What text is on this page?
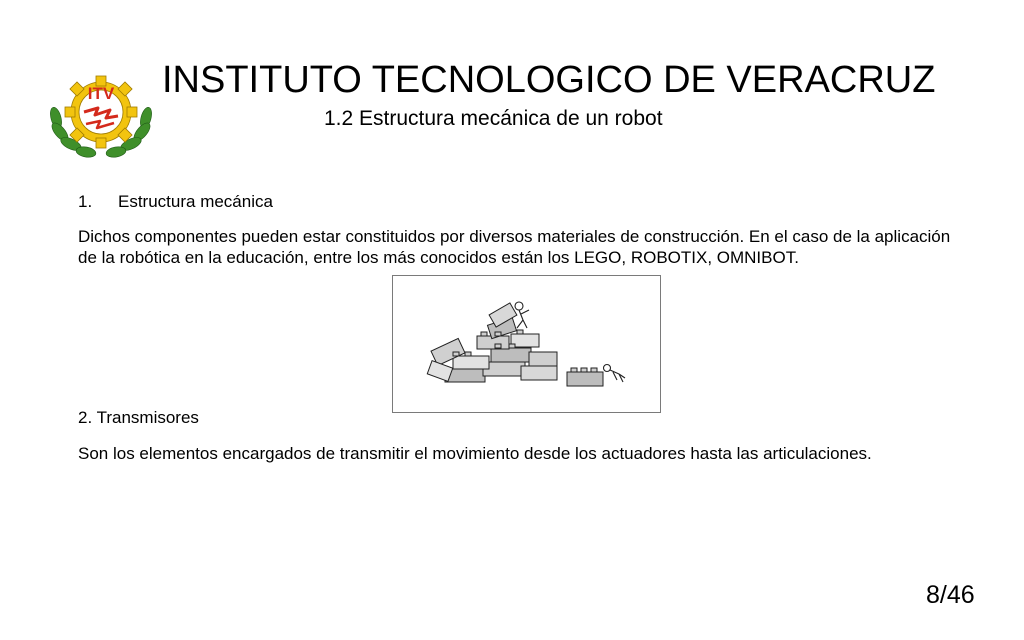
ITV INSTITUTO TECNOLOGICO DE VERACRUZ
1.2 Estructura mecánica de un robot
1. Estructura mecánica
Dichos componentes pueden estar constituidos por diversos materiales de construcción. En el caso de la aplicación de la robótica en la educación, entre los más conocidos están los LEGO, ROBOTIX, OMNIBOT.
2. Transmisores
Son los elementos encargados de transmitir el movimiento desde los actuadores hasta las articulaciones.
8/46
